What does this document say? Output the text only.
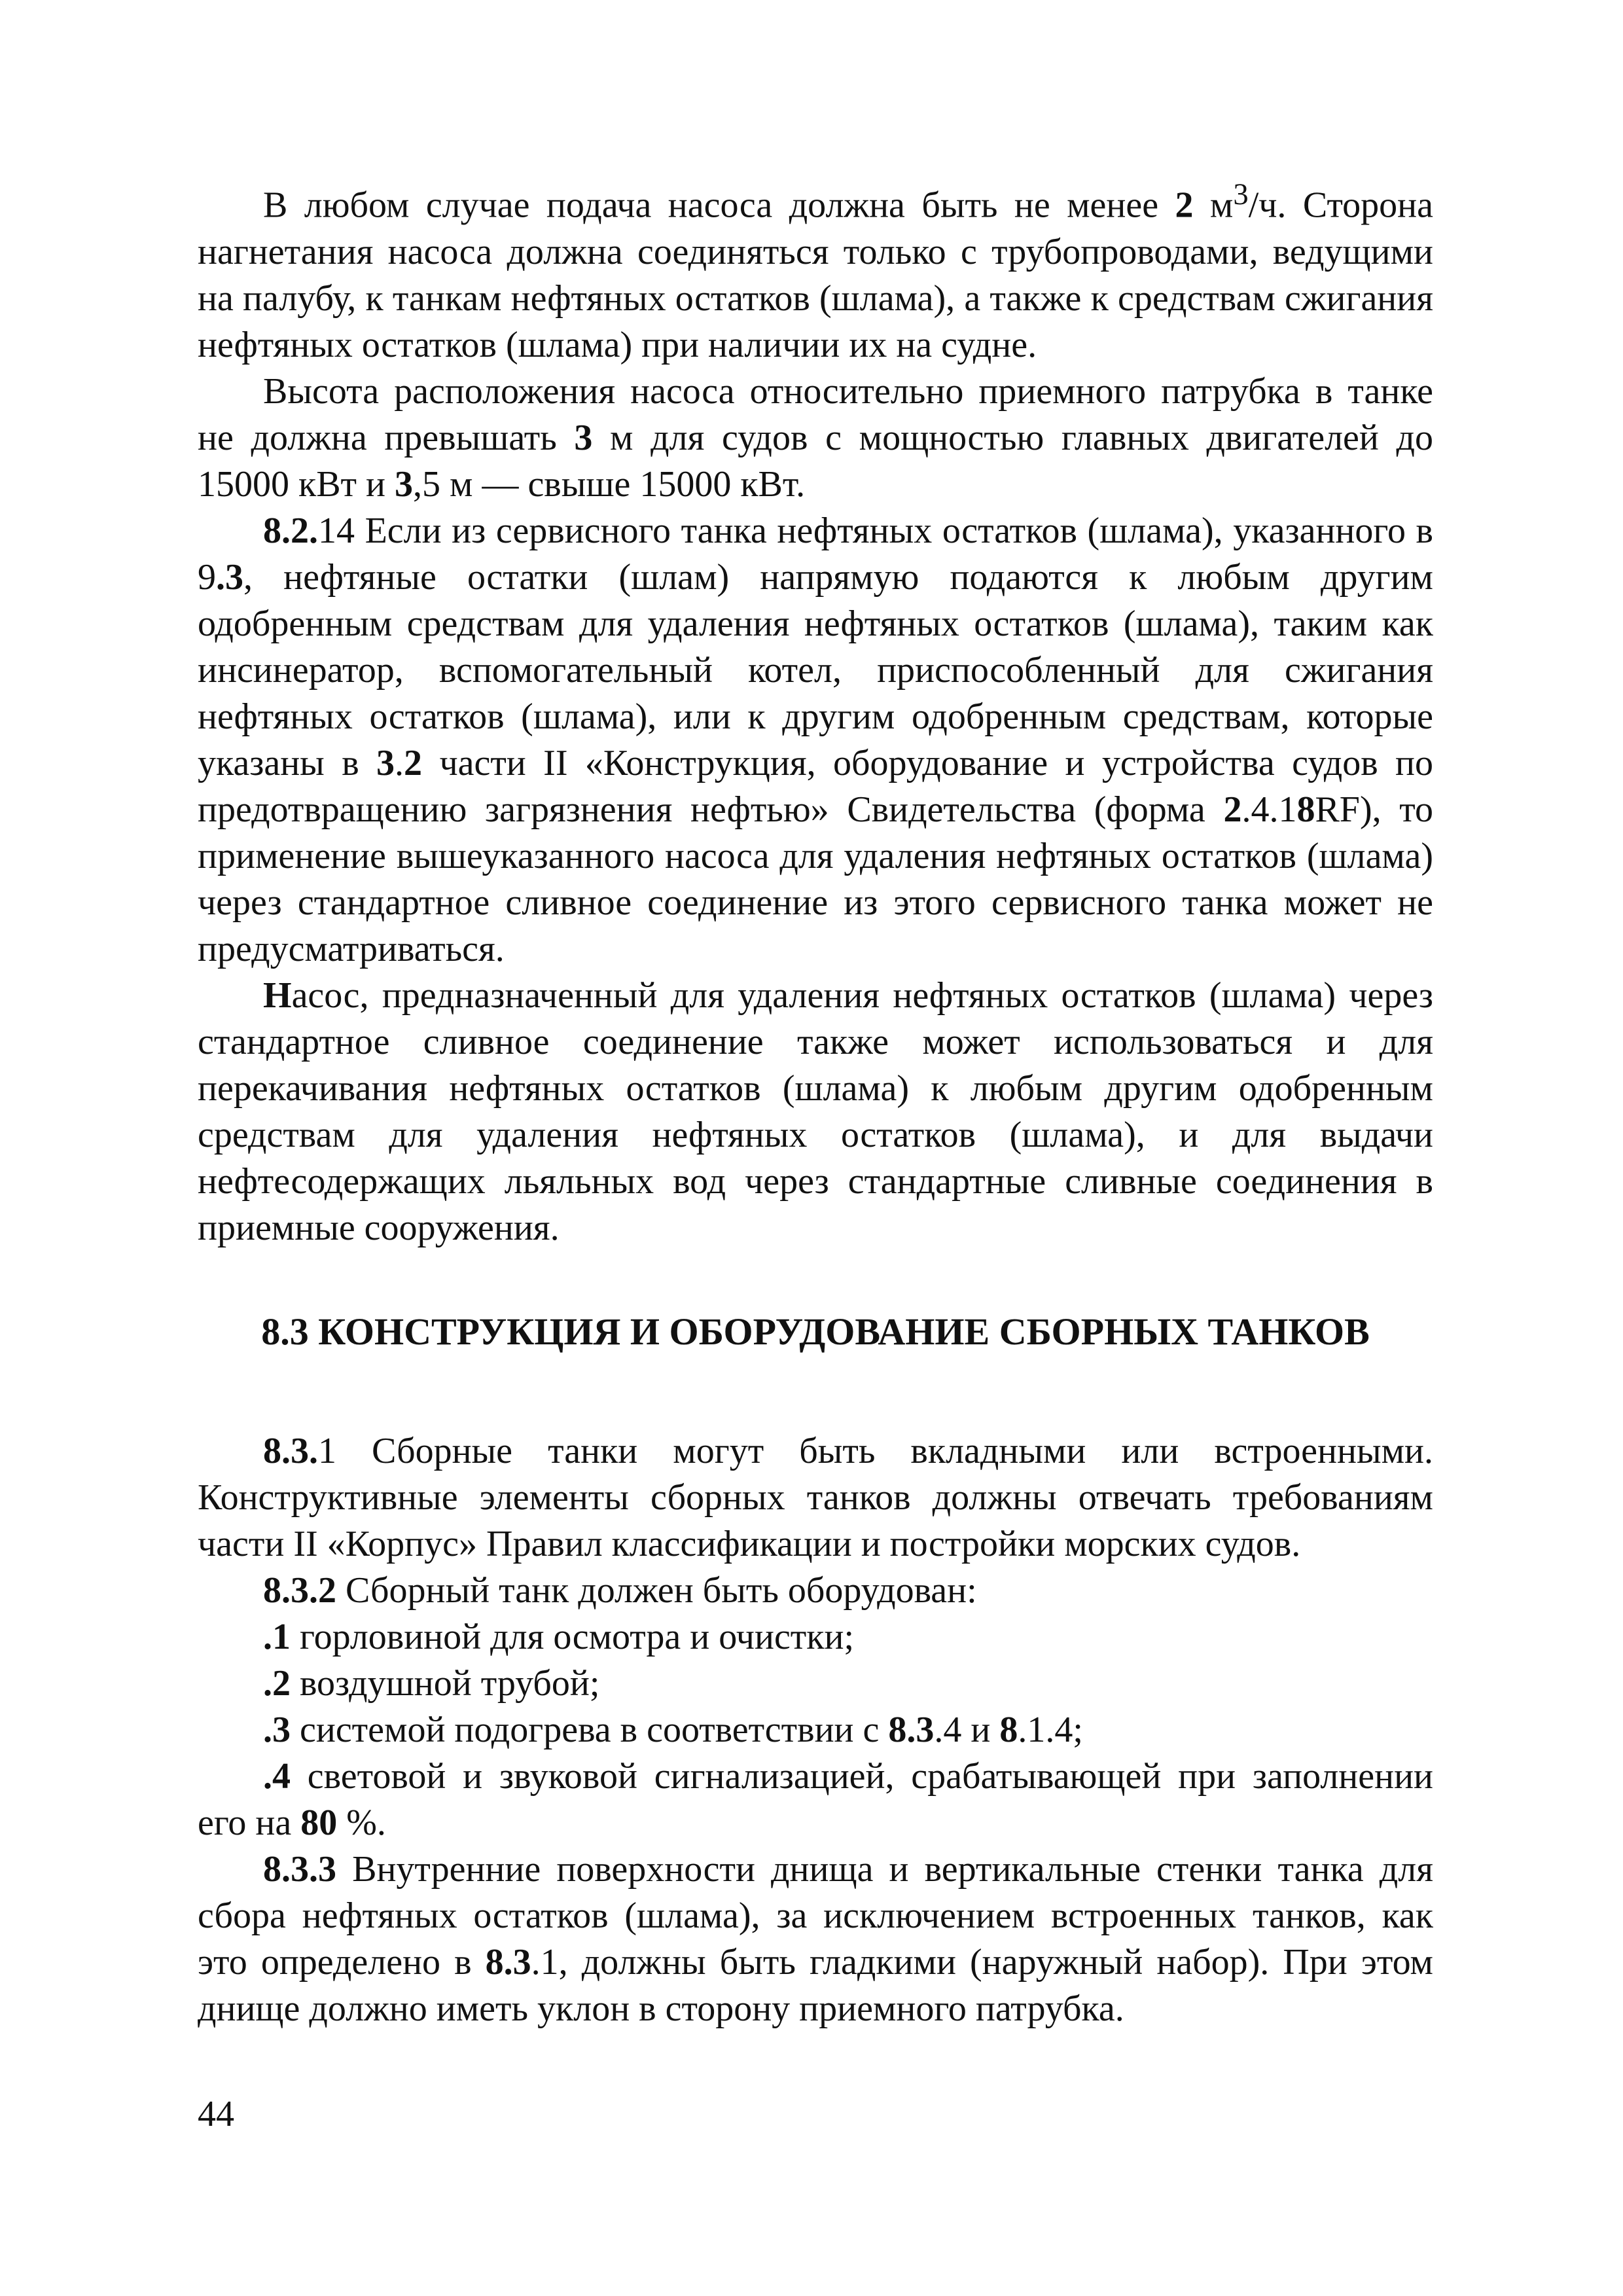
В любом случае подача насоса должна быть не менее 2 $м^3/ч$. Сторона нагнетания насоса должна соединяться только с трубопроводами, ведущими на палубу, к танкам нефтяных остатков (шлама), а также к средствам сжигания нефтяных остатков (шлама) при наличии их на судне.

Высота расположения насоса относительно приемного патрубка в танке не должна превышать 3 м для судов с мощностью главных двигателей до 15000 кВт и 3,5 м — свыше 15000 кВт.

8.2.14 Если из сервисного танка нефтяных остатков (шлама), указанного в 9.3, нефтяные остатки (шлам) напрямую подаются к любым другим одобренным средствам для удаления нефтяных остатков (шлама), таким как инсинератор, вспомогательный котел, приспособленный для сжигания нефтяных остатков (шлама), или к другим одобренным средствам, которые указаны в 3.2 части II «Конструкция, оборудование и устройства судов по предотвращению загрязнения нефтью» Свидетельства (форма 2.4.18RF), то применение вышеуказанного насоса для удаления нефтяных остатков (шлама) через стандартное сливное соединение из этого сервисного танка может не предусматриваться.

Насос, предназначенный для удаления нефтяных остатков (шлама) через стандартное сливное соединение также может использоваться и для перекачивания нефтяных остатков (шлама) к любым другим одобренным средствам для удаления нефтяных остатков (шлама), и для выдачи нефтесодержащих льяльных вод через стандартные сливные соединения в приемные сооружения.

8.3 КОНСТРУКЦИЯ И ОБОРУДОВАНИЕ СБОРНЫХ ТАНКОВ

8.3.1 Сборные танки могут быть вкладными или встроенными. Конструктивные элементы сборных танков должны отвечать требованиям части II «Корпус» Правил классификации и постройки морских судов.

8.3.2 Сборный танк должен быть оборудован:

.1 горловиной для осмотра и очистки;

.2 воздушной трубой;

.3 системой подогрева в соответствии с 8.3.4 и 8.1.4;

.4 световой и звуковой сигнализацией, срабатывающей при заполнении его на 80 %.

8.3.3 Внутренние поверхности днища и вертикальные стенки танка для сбора нефтяных остатков (шлама), за исключением встроенных танков, как это определено в 8.3.1, должны быть гладкими (наружный набор). При этом днище должно иметь уклон в сторону приемного патрубка.

44
